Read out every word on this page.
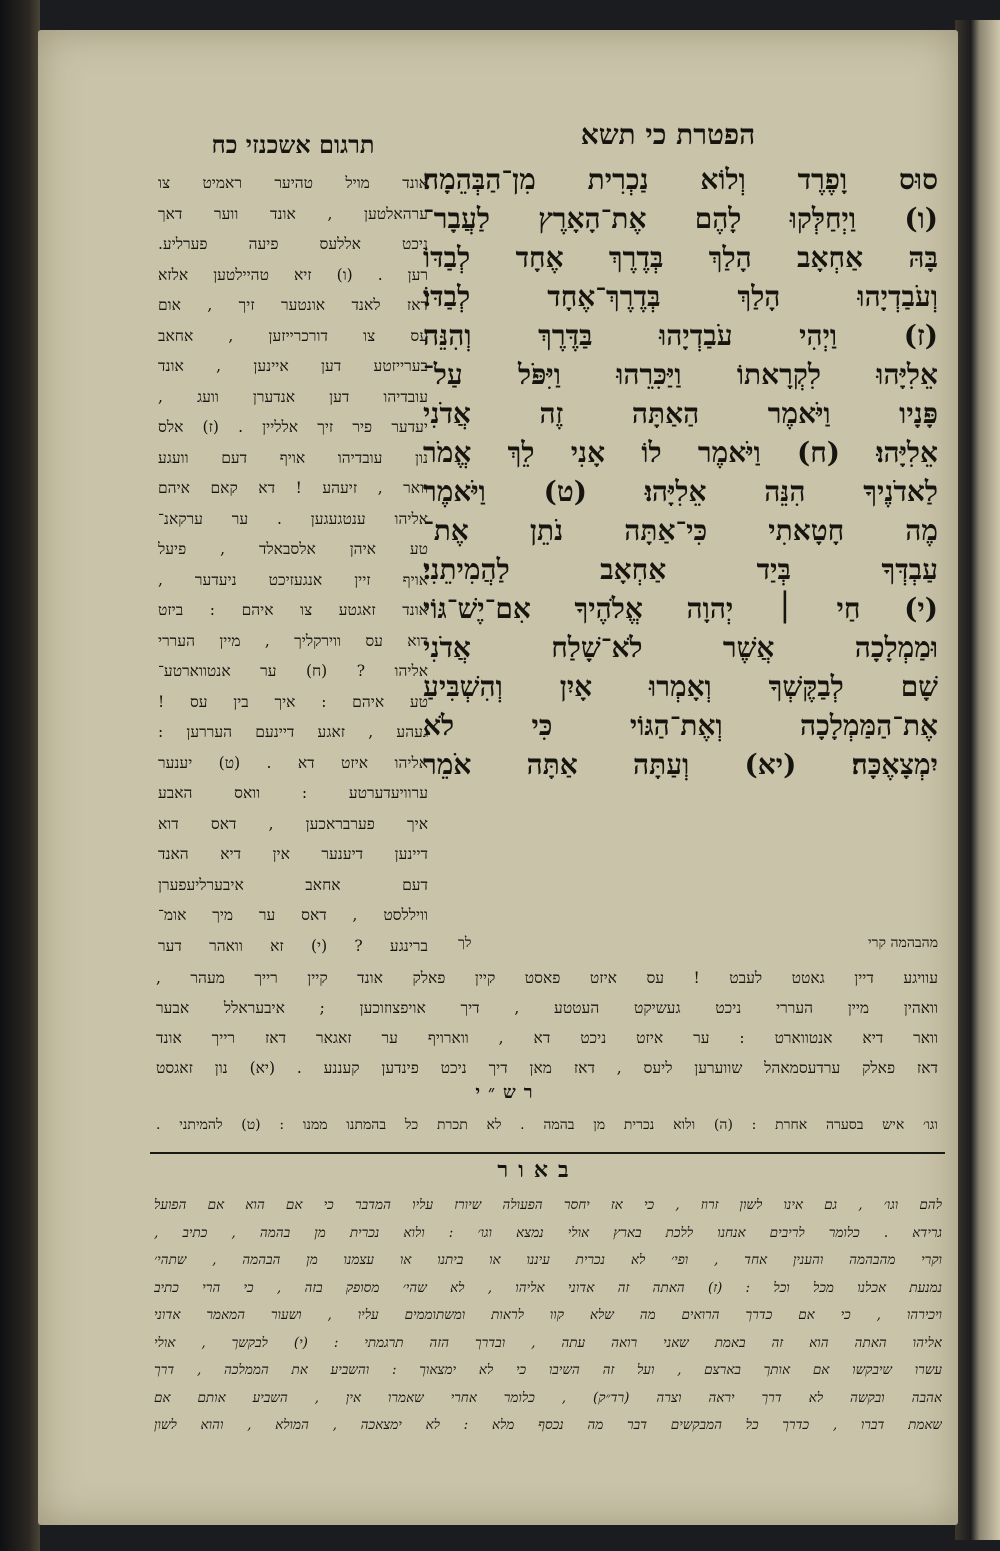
הפטרת כי תשא
תרגום אשכנזי כח
סוּס וָפֶרֶד וְלוֹא נַכְרִית מִן־הַבְּהֵמָה׃
(ו) וַיְחַלְּקוּ לָהֶם אֶת־הָאָרֶץ לַעֲבָר־
בָּהּ אַחְאָב הָלַךְ בְּדֶרֶךְ אֶחָד לְבַדּוֹ
וְעֹבַדְיָהוּ הָלַךְ בְּדֶרֶךְ־אֶחָד לְבַדּוֹ׃
(ז) וַיְהִי עֹבַדְיָהוּ בַּדֶּרֶךְ וְהִנֵּה
אֵלִיָּהוּ לִקְרָאתוֹ וַיַּכִּרֵהוּ וַיִּפֹּל עַל־
פָּנָיו וַיֹּאמֶר הַאַתָּה זֶה אֲדֹנִי
אֵלִיָּהוּ׃ (ח) וַיֹּאמֶר לוֹ אָנִי לֵךְ אֱמֹר
לַאדֹנֶיךָ הִנֵּה אֵלִיָּהוּ׃ (ט) וַיֹּאמֶר
מֶה חָטָאתִי כִּי־אַתָּה נֹתֵן אֶת־
עַבְדְּךָ בְּיַד אַחְאָב לַהֲמִיתֵנִי׃
(י) חַי ׀ יְהוָה אֱלֹהֶיךָ אִם־יֶשׁ־גּוֹי
וּמַמְלָכָה אֲשֶׁר לֹא־שָׁלַח אֲדֹנִי
שָׁם לְבַקֶּשְׁךָ וְאָמְרוּ אָיִן וְהִשְׁבִּיעַ
אֶת־הַמַּמְלָכָה וְאֶת־הַגּוֹי כִּי לֹא
יִמְצָאֶכָּה׃ (יא) וְעַתָּה אַתָּה אֹמֵר
אונד מויל טהיער ראמיט צו
ערהאלטען , אונד ווער דאך
ניכט אללעס פיעה פערליע.
רען . (ו) זיא טהיילטען אלזא
דאז לאנד אונטער זיך , אום
עס צו דורכרייזען , אחאב
בערייזטע דען איינען , אונד
עובדיהו דען אנדערן וועג ,
יעדער פיר זיך אלליין . (ז) אלס
נון עובדיהו אויף דעם וועגע
וואר , זיעהע ! דא קאם איהם
אליהו ענטגעגען . ער ערקאנ־
טע איהן אלסבאלד , פיעל
אויף זיין אנגעזיכט ניעדער ,
אונד זאגטע צו איהם : ביזט
דוא עס ווירקליך , מיין העררי
אליהו ? (ח) ער אנטווארטע־
טע איהם : איך בין עס !
געהע , זאגע דיינעם העררען :
אליהו איזט דא . (ט) יענער
ערוויעדערטע : וואס האבע
איך פערבראכען , דאס דוא
דיינען דיענער אין דיא האנד
דעם אחאב איבערליעפערן
וויללסט , דאס ער מיך אומ־
ברינגע ? (י) זא וואהר דער	מהבהמה קרי
לך
עוויגע דיין גאטט לעבט ! עס איזט פאסט קיין פאלק אונד קיין רייך מעהר ,
וואהין מיין העררי ניכט געשיקט העטטע , דיך אויפצוזוכען ; איבעראלל אבער
וואר דיא אנטווארט : ער איזט ניכט דא , ווארויף ער זאגאר דאז רייך אונד
דאז פאלק ערדעסמאהל שווערען ליעס , דאז מאן דיך ניכט פינדען קעננע . (יא) נון זאגסט
רש״י
וגו׳ איש בסערה אחרת : (ה) ולוא נכרית מן בהמה . לא תכרת כל בהמתנו ממנו : (ט) להמיתני .
באור
להם וגו׳ , גם אינו לשון זרוז , כי אז יחסר הפעולה שיורז עליו המדבר כי אם הוא אם הפועל
גרידא . כלומר לריבים אנחנו ללכת בארץ אולי נמצא וגו׳ : ולוא נכרית מן בהמה , כתיב ,
וקרי מהבהמה והענין אחד , ופי׳ לא נכרית עיננו או ביתנו או עצמנו מן הבהמה , שתהי׳
נמנעת אכלנו מכל וכל : (ז) האתה זה אדוני אליהו , לא שהי׳ מסופק בזה , כי הרי כתיב
ויכירהו , כי אם כדרך הרואים מה שלא קוו לראות ומשתוממים עליו , ושעור המאמר אדוני
אליהו האתה הוא זה באמת שאני רואה עתה , ובדרך הזה תרגמתי : (י) לבקשך , אולי
עשרו שיבקשו אם אותך בארצם , ועל זה השיבו כי לא ימצאוך : והשביע את הממלכה , דרך
אהבה ובקשה לא דרך יראה וצרה (רד״ק) , כלומר אחרי שאמרו אין , השביע אותם אם
שאמת דברו , כדרך כל המבקשים דבר מה נכסף מלא : לא ימצאכה , המולא , והוא לשון
